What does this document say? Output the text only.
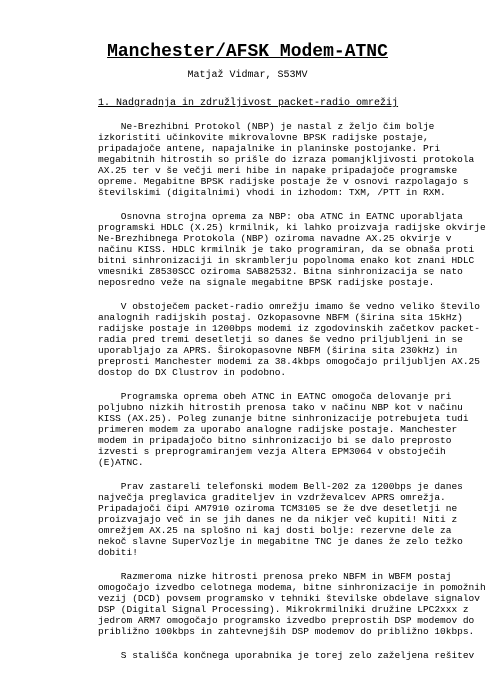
Manchester/AFSK Modem-ATNC
Matjaž Vidmar, S53MV
1. Nadgradnja in združljivost packet-radio omrežij
Ne-Brezhibni Protokol (NBP) je nastal z željo čim bolje
izkoristiti učinkovite mikrovalovne BPSK radijske postaje,
pripadajoče antene, napajalnike in planinske postojanke. Pri
megabitnih hitrostih so prišle do izraza pomanjkljivosti protokola
AX.25 ter v še večji meri hibe in napake pripadajoče programske
opreme. Megabitne BPSK radijske postaje že v osnovi razpolagajo s
številskimi (digitalnimi) vhodi in izhodom: TXM, /PTT in RXM.
Osnovna strojna oprema za NBP: oba ATNC in EATNC uporabljata
programski HDLC (X.25) krmilnik, ki lahko proizvaja radijske okvirje
Ne-Brezhibnega Protokola (NBP) oziroma navadne AX.25 okvirje v
načinu KISS. HDLC krmilnik je tako programiran, da se obnaša proti
bitni sinhronizaciji in skramblerju popolnoma enako kot znani HDLC
vmesniki Z8530SCC oziroma SAB82532. Bitna sinhronizacija se nato
neposredno veže na signale megabitne BPSK radijske postaje.
V obstoječem packet-radio omrežju imamo še vedno veliko število
analognih radijskih postaj. Ozkopasovne NBFM (širina sita 15kHz)
radijske postaje in 1200bps modemi iz zgodovinskih začetkov packet-
radia pred tremi desetletji so danes še vedno priljubljeni in se
uporabljajo za APRS. Širokopasovne NBFM (širina sita 230kHz) in
preprosti Manchester modemi za 38.4kbps omogočajo priljubljen AX.25
dostop do DX Clustrov in podobno.
Programska oprema obeh ATNC in EATNC omogoča delovanje pri
poljubno nizkih hitrostih prenosa tako v načinu NBP kot v načinu
KISS (AX.25). Poleg zunanje bitne sinhronizacije potrebujeta tudi
primeren modem za uporabo analogne radijske postaje. Manchester
modem in pripadajočo bitno sinhronizacijo bi se dalo preprosto
izvesti s preprogramiranjem vezja Altera EPM3064 v obstoječih
(E)ATNC.
Prav zastareli telefonski modem Bell-202 za 1200bps je danes
največja preglavica graditeljev in vzdrževalcev APRS omrežja.
Pripadajoči čipi AM7910 oziroma TCM3105 se že dve desetletji ne
proizvajajo več in se jih danes ne da nikjer več kupiti! Niti z
omrežjem AX.25 na splošno ni kaj dosti bolje: rezervne dele za
nekoč slavne SuperVozlje in megabitne TNC je danes že zelo težko
dobiti!
Razmeroma nizke hitrosti prenosa preko NBFM in WBFM postaj
omogočajo izvedbo celotnega modema, bitne sinhronizacije in pomožnih
vezij (DCD) povsem programsko v tehniki številske obdelave signalov
DSP (Digital Signal Processing). Mikrokrmilniki družine LPC2xxx z
jedrom ARM7 omogočajo programsko izvedbo preprostih DSP modemov do
približno 100kbps in zahtevnejših DSP modemov do približno 10kbps.
S stališča končnega uporabnika je torej zelo zaželjena rešitev
